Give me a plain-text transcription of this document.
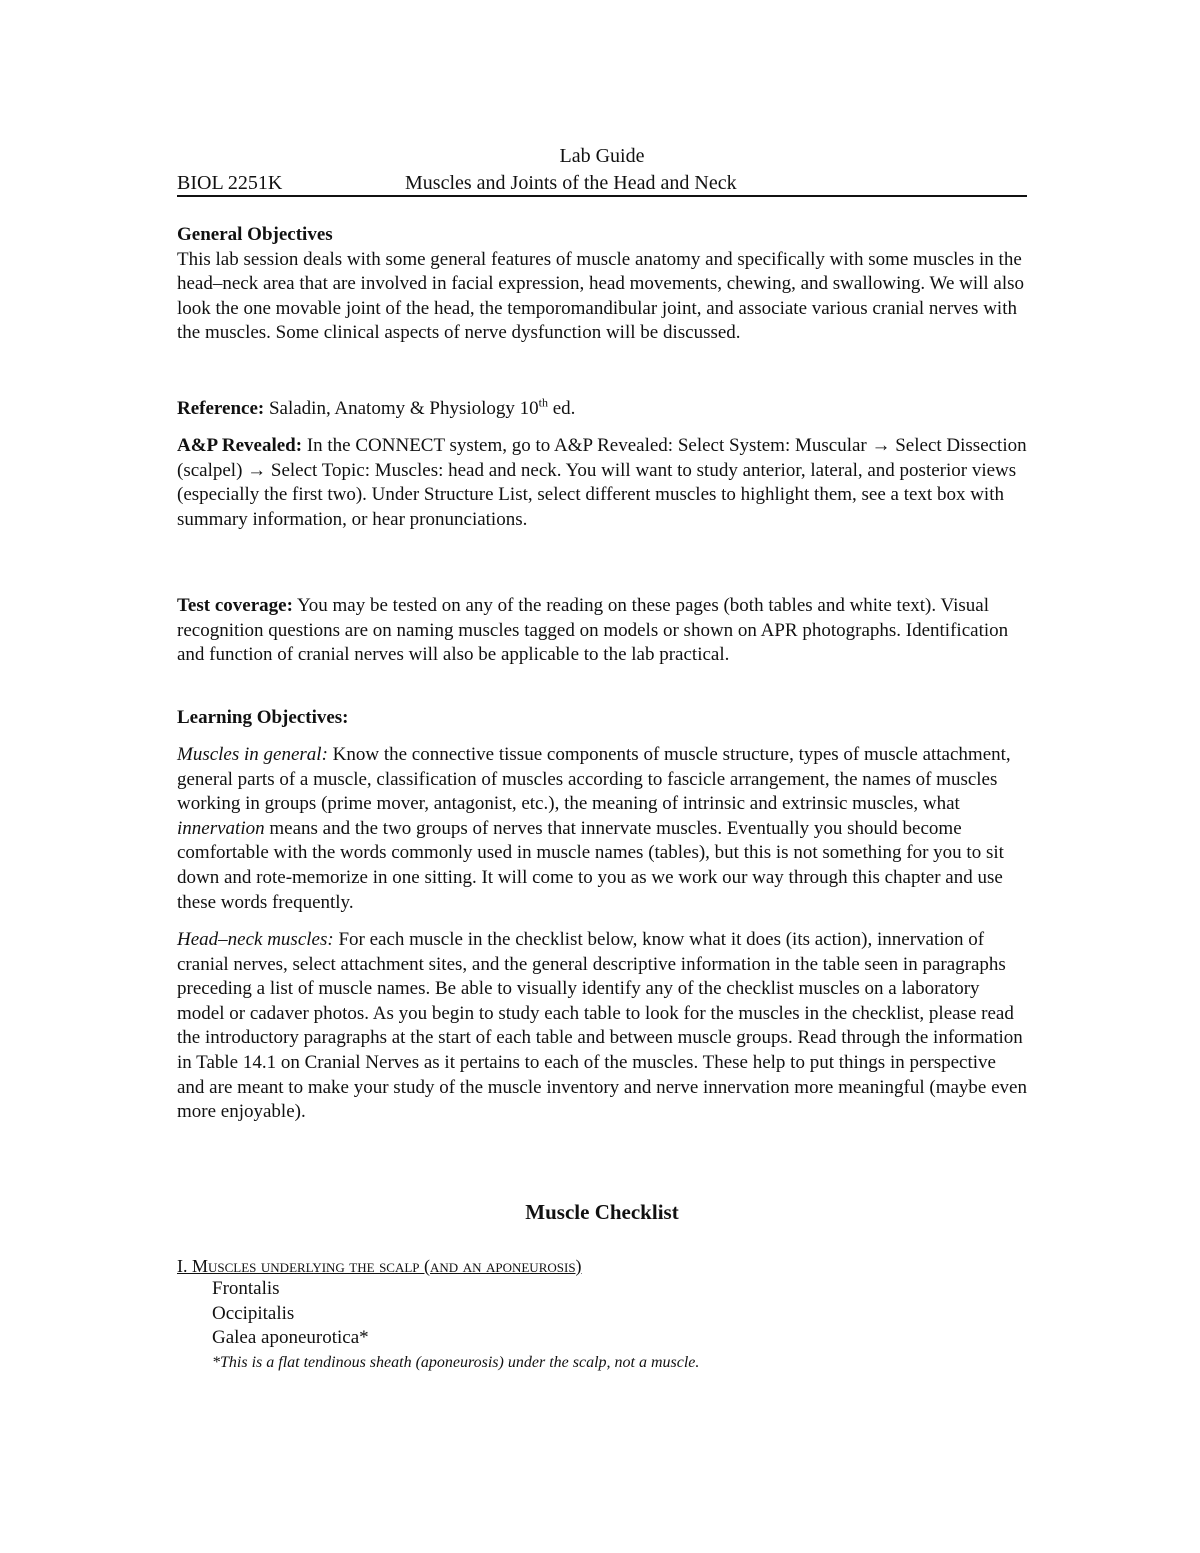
Lab Guide
BIOL 2251K	Muscles and Joints of the Head and Neck
General Objectives
This lab session deals with some general features of muscle anatomy and specifically with some muscles in the head–neck area that are involved in facial expression, head movements, chewing, and swallowing. We will also look the one movable joint of the head, the temporomandibular joint, and associate various cranial nerves with the muscles. Some clinical aspects of nerve dysfunction will be discussed.
Reference: Saladin, Anatomy & Physiology 10th ed.
A&P Revealed: In the CONNECT system, go to A&P Revealed: Select System: Muscular → Select Dissection (scalpel) → Select Topic: Muscles: head and neck. You will want to study anterior, lateral, and posterior views (especially the first two). Under Structure List, select different muscles to highlight them, see a text box with summary information, or hear pronunciations.
Test coverage: You may be tested on any of the reading on these pages (both tables and white text). Visual recognition questions are on naming muscles tagged on models or shown on APR photographs. Identification and function of cranial nerves will also be applicable to the lab practical.
Learning Objectives:
Muscles in general: Know the connective tissue components of muscle structure, types of muscle attachment, general parts of a muscle, classification of muscles according to fascicle arrangement, the names of muscles working in groups (prime mover, antagonist, etc.), the meaning of intrinsic and extrinsic muscles, what innervation means and the two groups of nerves that innervate muscles. Eventually you should become comfortable with the words commonly used in muscle names (tables), but this is not something for you to sit down and rote-memorize in one sitting. It will come to you as we work our way through this chapter and use these words frequently.
Head–neck muscles: For each muscle in the checklist below, know what it does (its action), innervation of cranial nerves, select attachment sites, and the general descriptive information in the table seen in paragraphs preceding a list of muscle names. Be able to visually identify any of the checklist muscles on a laboratory model or cadaver photos. As you begin to study each table to look for the muscles in the checklist, please read the introductory paragraphs at the start of each table and between muscle groups. Read through the information in Table 14.1 on Cranial Nerves as it pertains to each of the muscles. These help to put things in perspective and are meant to make your study of the muscle inventory and nerve innervation more meaningful (maybe even more enjoyable).
Muscle Checklist
I. Muscles underlying the scalp (and an aponeurosis)
Frontalis
Occipitalis
Galea aponeurotica*
*This is a flat tendinous sheath (aponeurosis) under the scalp, not a muscle.
